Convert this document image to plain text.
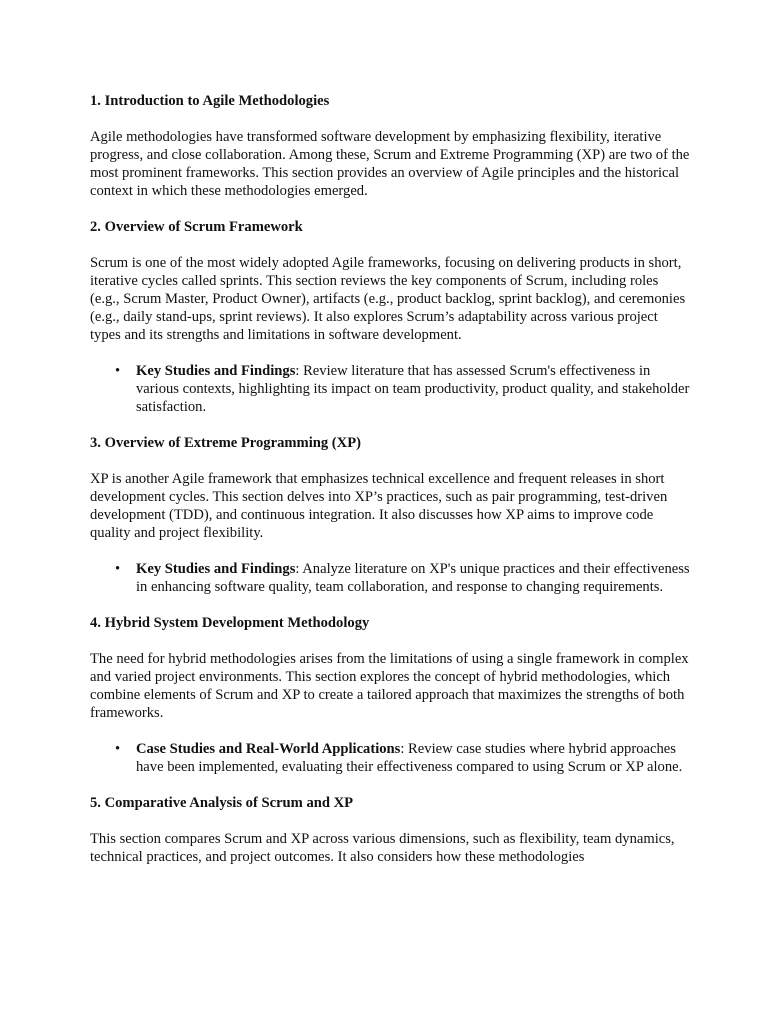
1. Introduction to Agile Methodologies

Agile methodologies have transformed software development by emphasizing flexibility, iterative progress, and close collaboration. Among these, Scrum and Extreme Programming (XP) are two of the most prominent frameworks. This section provides an overview of Agile principles and the historical context in which these methodologies emerged.

2. Overview of Scrum Framework

Scrum is one of the most widely adopted Agile frameworks, focusing on delivering products in short, iterative cycles called sprints. This section reviews the key components of Scrum, including roles (e.g., Scrum Master, Product Owner), artifacts (e.g., product backlog, sprint backlog), and ceremonies (e.g., daily stand-ups, sprint reviews). It also explores Scrum’s adaptability across various project types and its strengths and limitations in software development.

• Key Studies and Findings: Review literature that has assessed Scrum's effectiveness in various contexts, highlighting its impact on team productivity, product quality, and stakeholder satisfaction.
3. Overview of Extreme Programming (XP)

XP is another Agile framework that emphasizes technical excellence and frequent releases in short development cycles. This section delves into XP’s practices, such as pair programming, test-driven development (TDD), and continuous integration. It also discusses how XP aims to improve code quality and project flexibility.

• Key Studies and Findings: Analyze literature on XP's unique practices and their effectiveness in enhancing software quality, team collaboration, and response to changing requirements.
4. Hybrid System Development Methodology

The need for hybrid methodologies arises from the limitations of using a single framework in complex and varied project environments. This section explores the concept of hybrid methodologies, which combine elements of Scrum and XP to create a tailored approach that maximizes the strengths of both frameworks.

• Case Studies and Real-World Applications: Review case studies where hybrid approaches have been implemented, evaluating their effectiveness compared to using Scrum or XP alone.
5. Comparative Analysis of Scrum and XP

This section compares Scrum and XP across various dimensions, such as flexibility, team dynamics, technical practices, and project outcomes. It also considers how these methodologies
